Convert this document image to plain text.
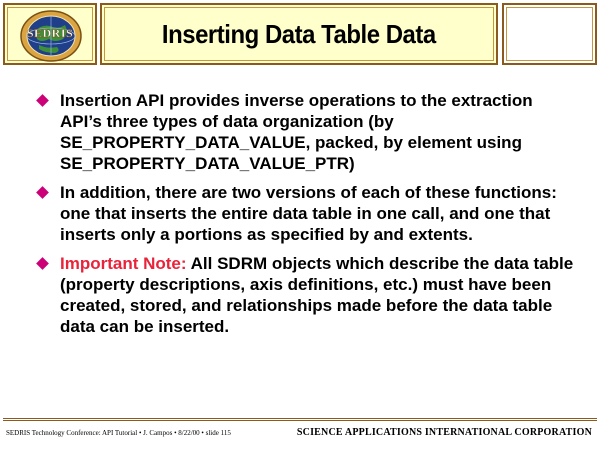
SEDRIS	Inserting Data Table Data
Insertion API provides inverse operations to the extraction API’s three types of data organization (by SE_PROPERTY_DATA_VALUE, packed, by element using SE_PROPERTY_DATA_VALUE_PTR)
In addition, there are two versions of each of these functions: one that inserts the entire data table in one call, and one that inserts only a portions as specified by and extents.
Important Note: All SDRM objects which describe the data table (property descriptions, axis definitions, etc.) must have been created, stored, and relationships made before the data table data can be inserted.
SEDRIS Technology Conference: API Tutorial • J. Campos • 8/22/00 • slide 115	SCIENCE APPLICATIONS INTERNATIONAL CORPORATION
